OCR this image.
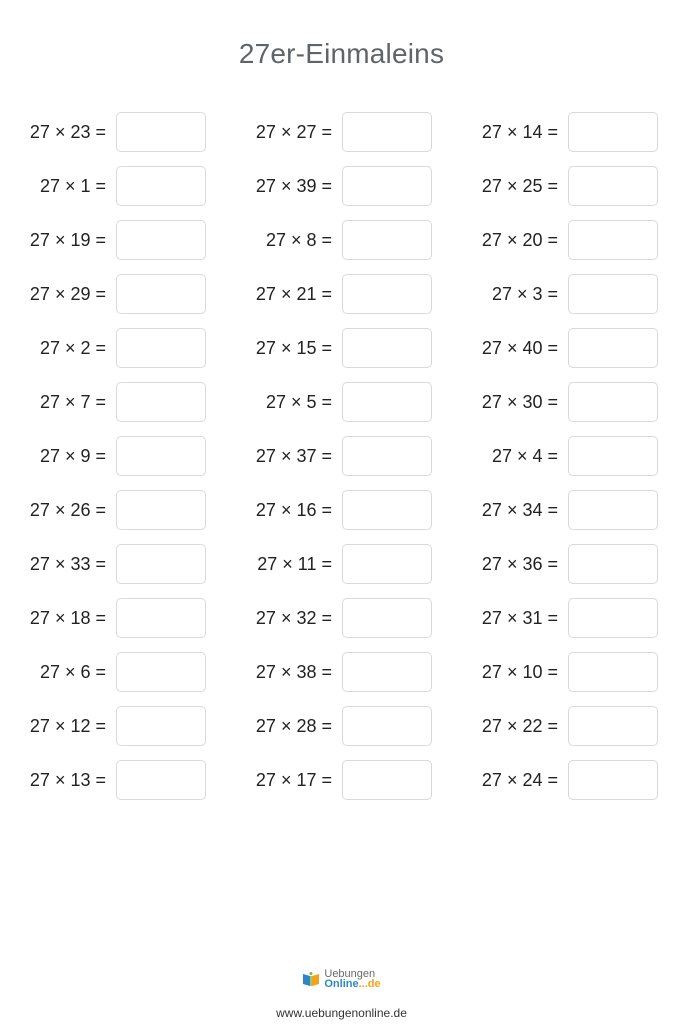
27er-Einmaleins
27 × 23 =	27 × 27 =	27 × 14 =
27 × 1 =	27 × 39 =	27 × 25 =
27 × 19 =	27 × 8 =	27 × 20 =
27 × 29 =	27 × 21 =	27 × 3 =
27 × 2 =	27 × 15 =	27 × 40 =
27 × 7 =	27 × 5 =	27 × 30 =
27 × 9 =	27 × 37 =	27 × 4 =
27 × 26 =	27 × 16 =	27 × 34 =
27 × 33 =	27 × 11 =	27 × 36 =
27 × 18 =	27 × 32 =	27 × 31 =
27 × 6 =	27 × 38 =	27 × 10 =
27 × 12 =	27 × 28 =	27 × 22 =
27 × 13 =	27 × 17 =	27 × 24 =
Uebungen
Online...de
www.uebungenonline.de
